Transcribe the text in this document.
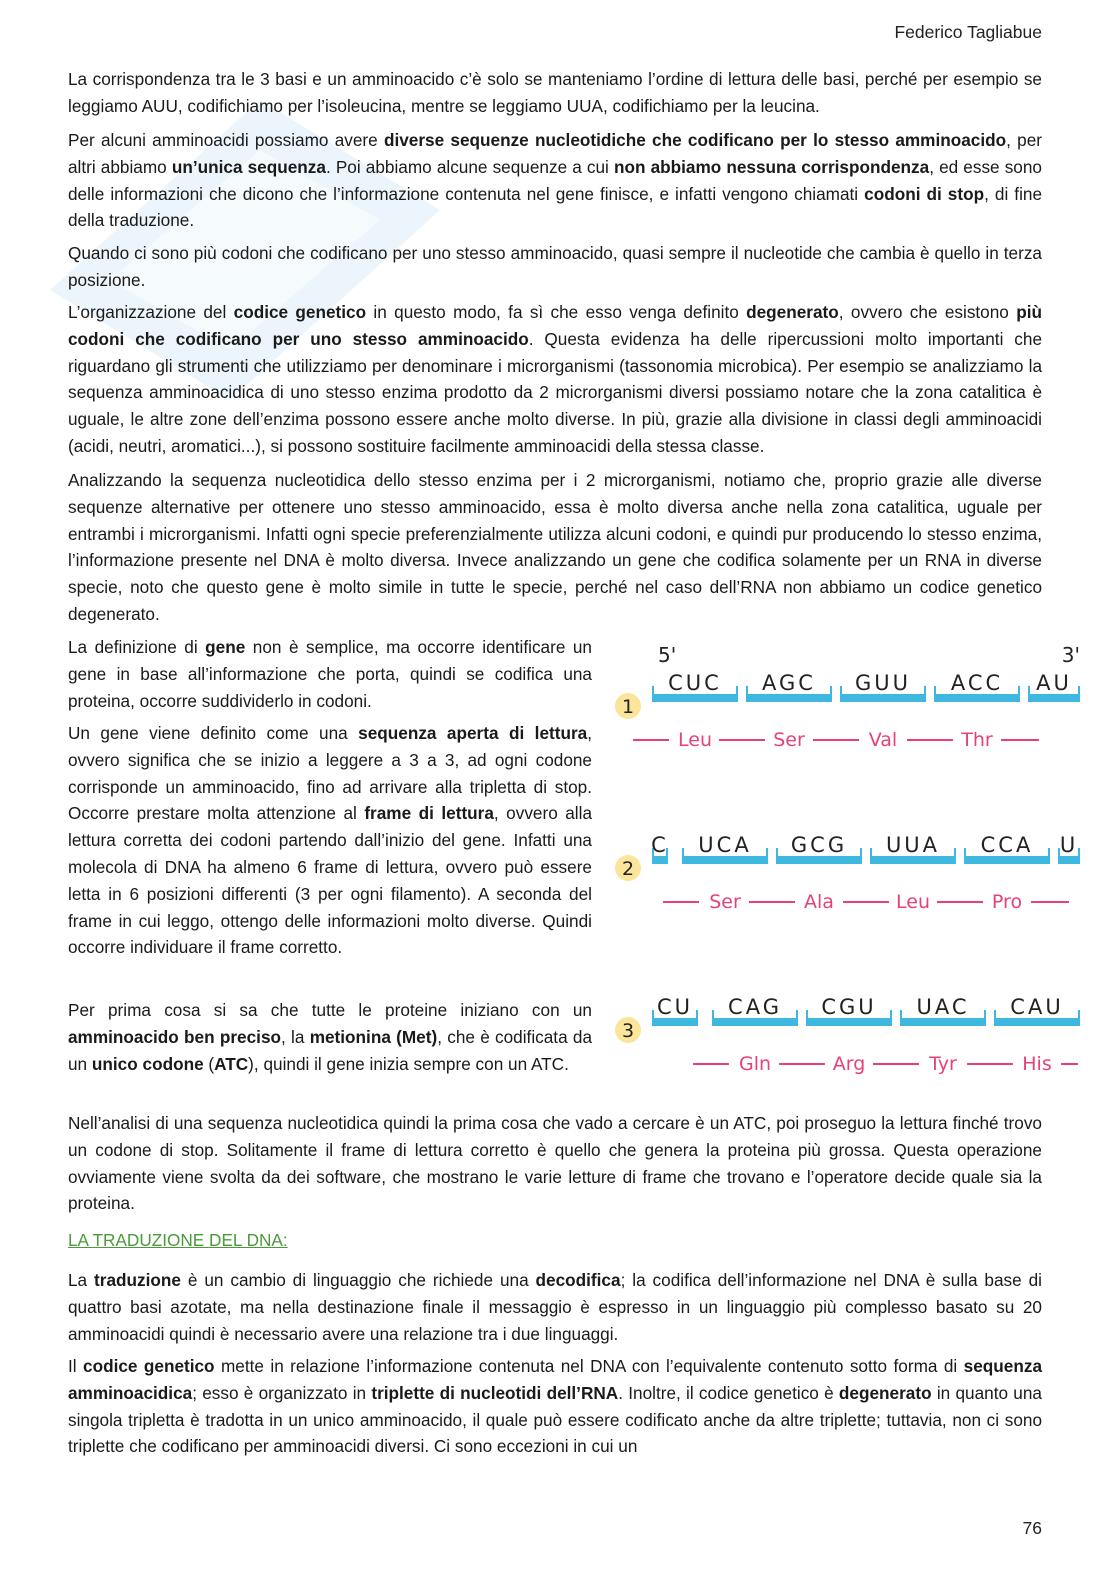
Federico Tagliabue

La corrispondenza tra le 3 basi e un amminoacido c’è solo se manteniamo l’ordine di lettura delle basi, perché per esempio se leggiamo AUU, codifichiamo per l’isoleucina, mentre se leggiamo UUA, codifichiamo per la leucina.

Per alcuni amminoacidi possiamo avere diverse sequenze nucleotidiche che codificano per lo stesso amminoacido, per altri abbiamo un’unica sequenza. Poi abbiamo alcune sequenze a cui non abbiamo nessuna corrispondenza, ed esse sono delle informazioni che dicono che l’informazione contenuta nel gene finisce, e infatti vengono chiamati codoni di stop, di fine della traduzione.

Quando ci sono più codoni che codificano per uno stesso amminoacido, quasi sempre il nucleotide che cambia è quello in terza posizione.

L’organizzazione del codice genetico in questo modo, fa sì che esso venga definito degenerato, ovvero che esistono più codoni che codificano per uno stesso amminoacido. Questa evidenza ha delle ripercussioni molto importanti che riguardano gli strumenti che utilizziamo per denominare i microrganismi (tassonomia microbica). Per esempio se analizziamo la sequenza amminoacidica di uno stesso enzima prodotto da 2 microrganismi diversi possiamo notare che la zona catalitica è uguale, le altre zone dell’enzima possono essere anche molto diverse. In più, grazie alla divisione in classi degli amminoacidi (acidi, neutri, aromatici...), si possono sostituire facilmente amminoacidi della stessa classe.

Analizzando la sequenza nucleotidica dello stesso enzima per i 2 microrganismi, notiamo che, proprio grazie alle diverse sequenze alternative per ottenere uno stesso amminoacido, essa è molto diversa anche nella zona catalitica, uguale per entrambi i microrganismi. Infatti ogni specie preferenzialmente utilizza alcuni codoni, e quindi pur producendo lo stesso enzima, l’informazione presente nel DNA è molto diversa. Invece analizzando un gene che codifica solamente per un RNA in diverse specie, noto che questo gene è molto simile in tutte le specie, perché nel caso dell’RNA non abbiamo un codice genetico degenerato.

La definizione di gene non è semplice, ma occorre identificare un gene in base all’informazione che porta, quindi se codifica una proteina, occorre suddividerlo in codoni.

Un gene viene definito come una sequenza aperta di lettura, ovvero significa che se inizio a leggere a 3 a 3, ad ogni codone corrisponde un amminoacido, fino ad arrivare alla tripletta di stop. Occorre prestare molta attenzione al frame di lettura, ovvero alla lettura corretta dei codoni partendo dall’inizio del gene. Infatti una molecola di DNA ha almeno 6 frame di lettura, ovvero può essere letta in 6 posizioni differenti (3 per ogni filamento). A seconda del frame in cui leggo, ottengo delle informazioni molto diverse. Quindi occorre individuare il frame corretto.

Per prima cosa si sa che tutte le proteine iniziano con un amminoacido ben preciso, la metionina (Met), che è codificata da un unico codone (ATC), quindi il gene inizia sempre con un ATC.

5'	3'
1
CUC AGC GUU ACC AU
Leu	Ser	Val	Thr
2
C UCA GCG UUA CCA U
Ser	Ala	Leu	Pro
3
CU CAG CGU UAC CAU
Gln	Arg	Tyr	His

Nell’analisi di una sequenza nucleotidica quindi la prima cosa che vado a cercare è un ATC, poi proseguo la lettura finché trovo un codone di stop. Solitamente il frame di lettura corretto è quello che genera la proteina più grossa. Questa operazione ovviamente viene svolta da dei software, che mostrano le varie letture di frame che trovano e l’operatore decide quale sia la proteina.

LA TRADUZIONE DEL DNA:

La traduzione è un cambio di linguaggio che richiede una decodifica; la codifica dell’informazione nel DNA è sulla base di quattro basi azotate, ma nella destinazione finale il messaggio è espresso in un linguaggio più complesso basato su 20 amminoacidi quindi è necessario avere una relazione tra i due linguaggi.

Il codice genetico mette in relazione l’informazione contenuta nel DNA con l’equivalente contenuto sotto forma di sequenza amminoacidica; esso è organizzato in triplette di nucleotidi dell’RNA. Inoltre, il codice genetico è degenerato in quanto una singola tripletta è tradotta in un unico amminoacido, il quale può essere codificato anche da altre triplette; tuttavia, non ci sono triplette che codificano per amminoacidi diversi. Ci sono eccezioni in cui un

76
